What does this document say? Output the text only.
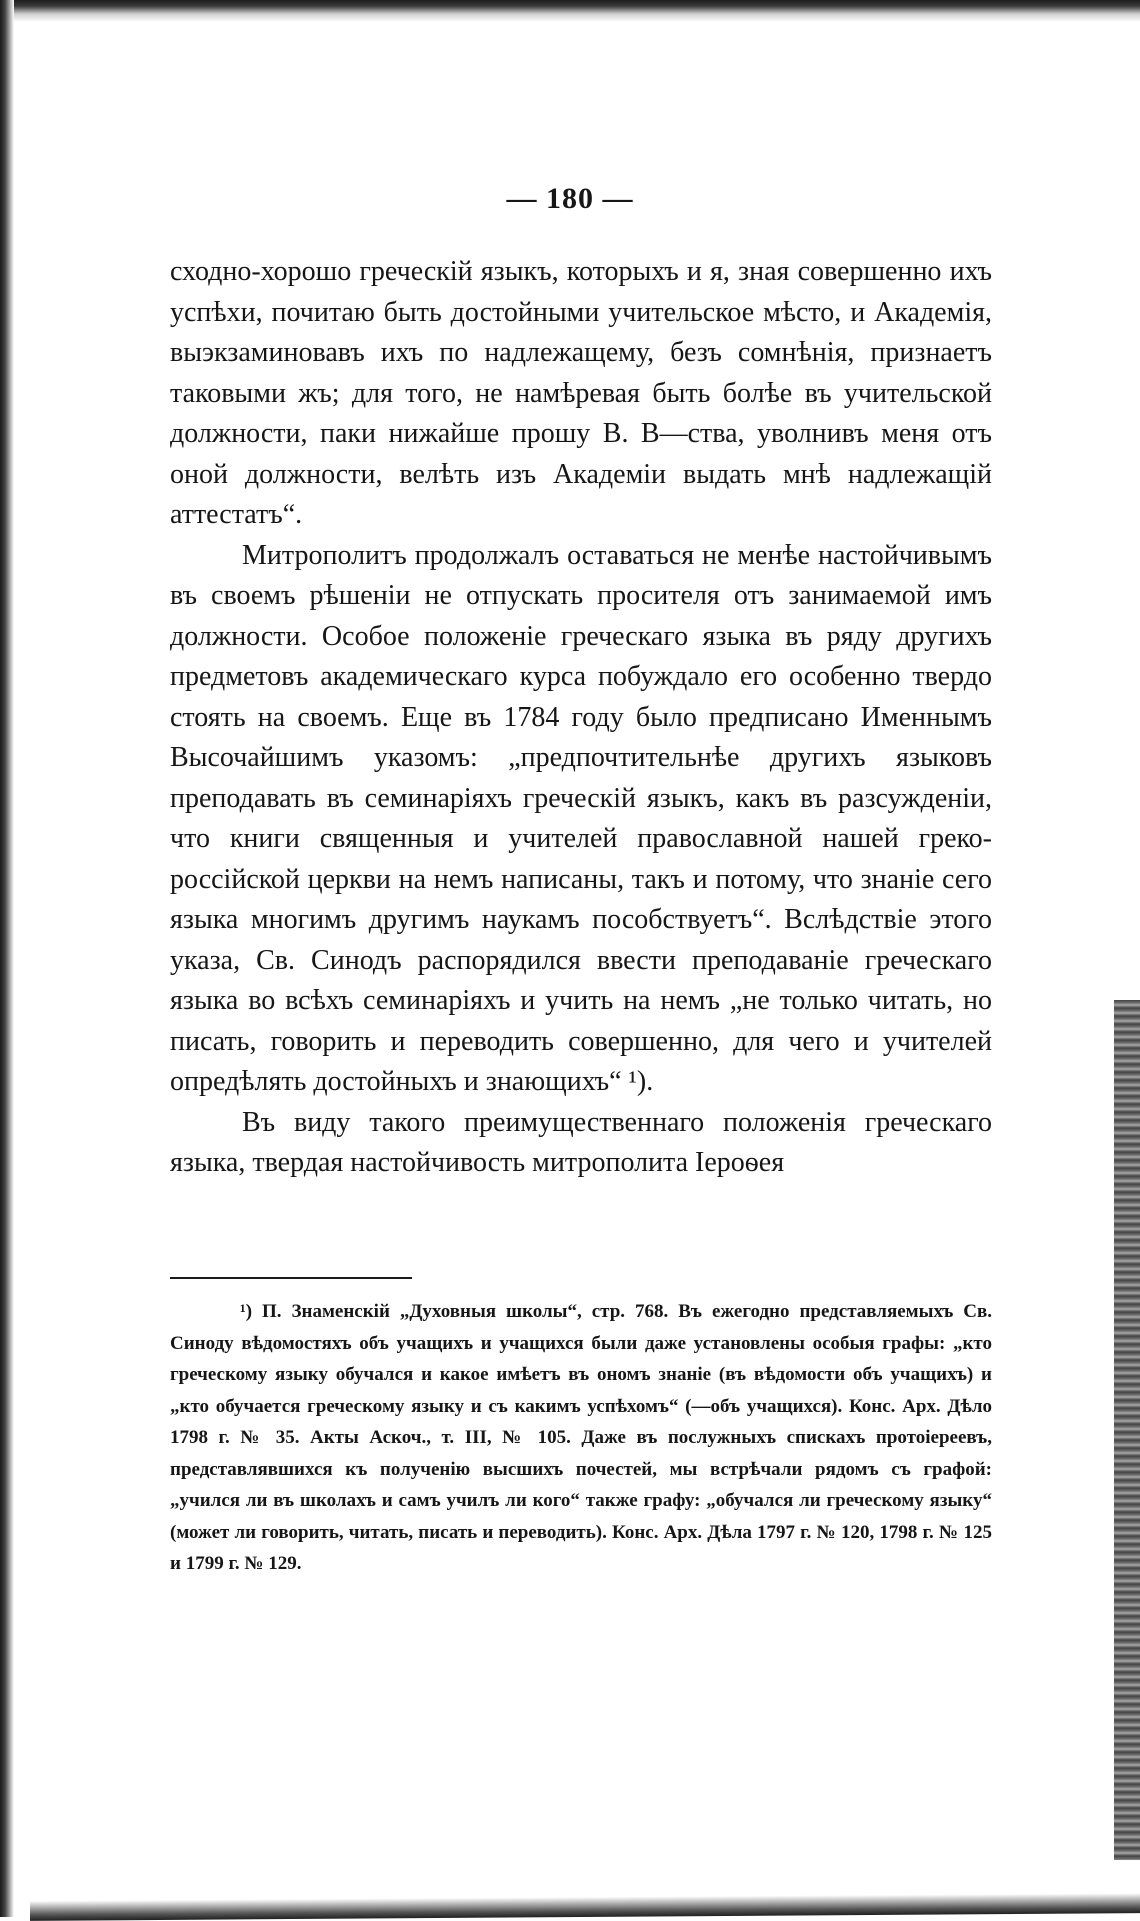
— 180 —

сходно-хорошо греческій языкъ, которыхъ и я, зная совершенно ихъ успѣхи, почитаю быть достойными учительское мѣсто, и Академія, выэкзаминовавъ ихъ по надлежащему, безъ сомнѣнія, признаетъ таковыми жъ; для того, не намѣревая быть болѣе въ учительской должности, паки нижайше прошу В. В—ства, уволнивъ меня отъ оной должности, велѣть изъ Академіи выдать мнѣ надлежащій аттестатъ“.

Митрополитъ продолжалъ оставаться не менѣе настойчивымъ въ своемъ рѣшеніи не отпускать просителя отъ занимаемой имъ должности. Особое положеніе греческаго языка въ ряду другихъ предметовъ академическаго курса побуждало его особенно твердо стоять на своемъ. Еще въ 1784 году было предписано Именнымъ Высочайшимъ указомъ: „предпочтительнѣе другихъ языковъ преподавать въ семинаріяхъ греческій языкъ, какъ въ разсужденіи, что книги священныя и учителей православной нашей греко-россійской церкви на немъ написаны, такъ и потому, что знаніе сего языка многимъ другимъ наукамъ пособствуетъ“. Вслѣдствіе этого указа, Св. Синодъ распорядился ввести преподаваніе греческаго языка во всѣхъ семинаріяхъ и учить на немъ „не только читать, но писать, говорить и переводить совершенно, для чего и учителей опредѣлять достойныхъ и знающихъ“ ¹).

Въ виду такого преимущественнаго положенія греческаго языка, твердая настойчивость митрополита Іероѳея

¹) П. Знаменскій „Духовныя школы“, стр. 768. Въ ежегодно представляемыхъ Св. Синоду вѣдомостяхъ объ учащихъ и учащихся были даже установлены особыя графы: „кто греческому языку обучался и какое имѣетъ въ ономъ знаніе (въ вѣдомости объ учащихъ) и „кто обучается греческому языку и съ какимъ успѣхомъ“ (—объ учащихся). Конс. Арх. Дѣло 1798 г. № 35. Акты Аскоч., т. III, № 105. Даже въ послужныхъ спискахъ протоіереевъ, представлявшихся къ полученію высшихъ почестей, мы встрѣчали рядомъ съ графой: „учился ли въ школахъ и самъ училъ ли кого“ также графу: „обучался ли греческому языку“ (может ли говорить, читать, писать и переводить). Конс. Арх. Дѣла 1797 г. № 120, 1798 г. № 125 и 1799 г. № 129.
